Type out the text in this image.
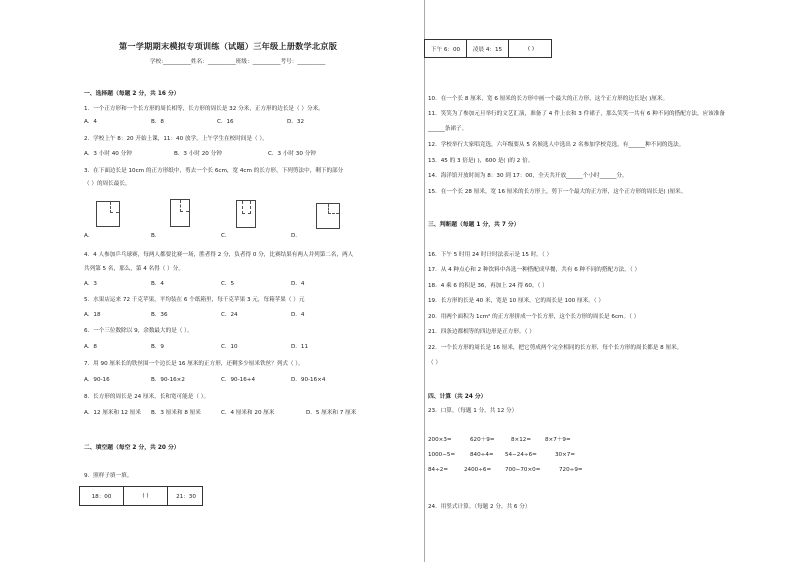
第一学期期末模拟专项训练（试题）三年级上册数学北京版
学校:__________姓名：__________班级：__________考号：__________
一、选择题（每题 2 分，共 16 分）
1．一个正方形和一个长方形的周长相等，长方形的周长是 32 分米，正方形的边长是（ ）分米。
A．4	B．8	C．16	D．32
2．学校上午 8：20 开始上课，11：40 放学，上午学生在校时间是（ ）。
A．3 小时 40 分钟	B．3 小时 20 分钟	C．3 小时 30 分钟
3．在下面边长是 10cm 的正方形纸中，剪去一个长 6cm，宽 4cm 的长方形，下列剪法中，剩下的部分
（ ）的周长最长。
A．	B．	C．	D．
4．4 人参加乒乓球赛，每两人都要比赛一场，胜者得 2 分，负者得 0 分，比赛结果有两人并列第二名，两人
共列第 5 名，那么，第 4 名得（ ）分。
A．3	B．4	C．5	D．4
5．水果店运来 72 千克苹果，平均装在 6 个纸箱里，每千克苹果 3 元，每箱苹果（ ）元
A．18	B．36	C．24	D．4
6．一个三位数除以 9，余数最大的是（ ）。
A．8	B．9	C．10	D．11
7．用 90 厘米长的铁丝围一个边长是 16 厘米的正方形，还剩多少厘米铁丝？列式（ ）。
A．90-16	B．90-16×2	C．90-16+4	D．90-16×4
8．长方形的周长是 24 厘米，长和宽可能是（ ）。
A．12 厘米和 12 厘米 B．3 厘米和 8 厘米	C．4 厘米和 20 厘米	D．5 厘米和 7 厘米
二、填空题（每空 2 分，共 20 分）
9．照样子填一填。
18：00	( )	21：30
下午 6：00	凌晨 4：15	( )
10．在一个长 8 厘米，宽 6 厘米的长方形中画一个最大的正方形，这个正方形的边长是( )厘米。
11．笑笑为了参加元旦举行的文艺汇演，准备了 4 件上衣和 3 件裙子，那么笑笑一共有 6 种不同的搭配方法，应该准备
______条裙子。
12．学校举行大家唱竞选，六年级要从 5 名候选人中选出 2 名参加学校竞选，有______种不同的选法。
13．45 的 3 倍是( )，600 是( )的 2 倍。
14．海洋馆开放时间为 8：30 到 17：00，全天共开放______个小时______分。
15．在一个长 28 厘米，宽 16 厘米的长方形上，剪下一个最大的正方形，这个正方形的周长是( )厘米。
三、判断题（每题 1 分，共 7 分）
16．下午 5 时用 24 时计时法表示是 15 时。（ ）
17．从 4 种点心和 2 种饮料中各选一种搭配成早餐，共有 6 种不同的搭配方法。（ ）
18．4 乘 6 的积是 36，再加上 24 得 60。（ ）
19．长方形的长是 40 米，宽是 10 厘米，它的周长是 100 厘米。（ ）
20．用两个面积为 1cm² 的正方形拼成一个长方形，这个长方形的周长是 6cm。（ ）
21．四条边都相等的四边形是正方形。（ ）
22．一个长方形的周长是 16 厘米，把它剪成两个完全相同的长方形，每个长方形的周长都是 8 厘米。
（ ）
四、计算（共 24 分）
23．口算。（每题 1 分，共 12 分）
200×3=	620＋9=	8×12= 8×7＋9=
1000−5=	840÷4= 54−24÷6=	30×7=
84÷2=	2400÷6= 700−70×0=	720÷9=
24．用竖式计算。（每题 2 分，共 6 分）
